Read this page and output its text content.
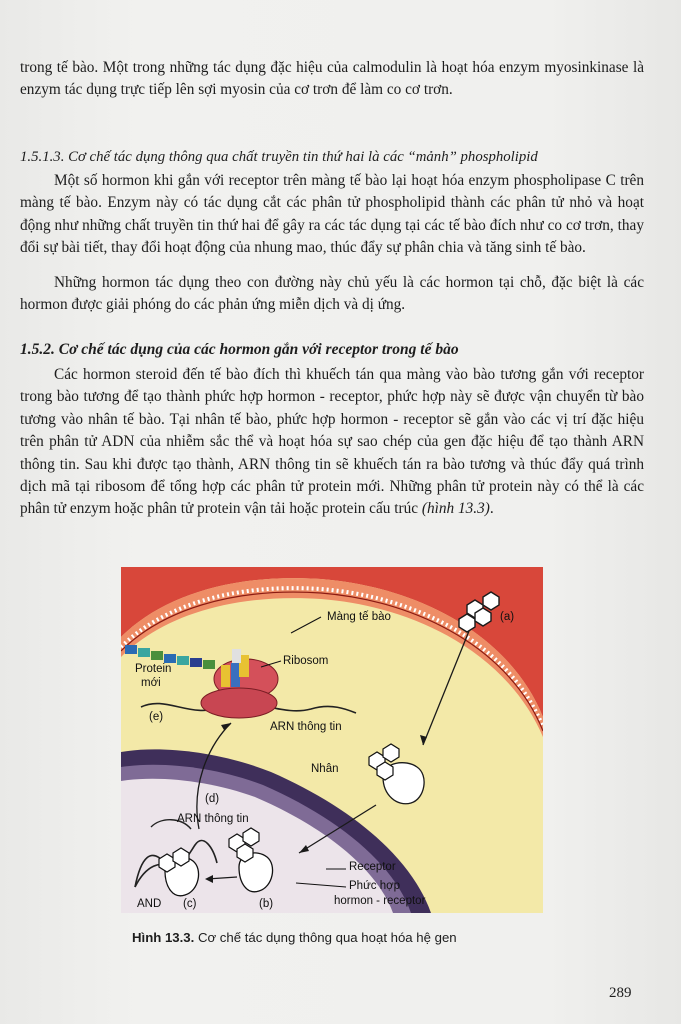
trong tế bào. Một trong những tác dụng đặc hiệu của calmodulin là hoạt hóa enzym myosinkinase là enzym tác dụng trực tiếp lên sợi myosin của cơ trơn để làm co cơ trơn.
1.5.1.3. Cơ chế tác dụng thông qua chất truyền tin thứ hai là các “mảnh” phospholipid
Một số hormon khi gắn với receptor trên màng tế bào lại hoạt hóa enzym phospholipase C trên màng tế bào. Enzym này có tác dụng cắt các phân tử phospholipid thành các phân tử nhỏ và hoạt động như những chất truyền tin thứ hai để gây ra các tác dụng tại các tế bào đích như co cơ trơn, thay đổi sự bài tiết, thay đổi hoạt động của nhung mao, thúc đẩy sự phân chia và tăng sinh tế bào.
Những hormon tác dụng theo con đường này chủ yếu là các hormon tại chỗ, đặc biệt là các hormon được giải phóng do các phản ứng miễn dịch và dị ứng.
1.5.2. Cơ chế tác dụng của các hormon gắn với receptor trong tế bào
Các hormon steroid đến tế bào đích thì khuếch tán qua màng vào bào tương gắn với receptor trong bào tương để tạo thành phức hợp hormon - receptor, phức hợp này sẽ được vận chuyển từ bào tương vào nhân tế bào. Tại nhân tế bào, phức hợp hormon - receptor sẽ gắn vào các vị trí đặc hiệu trên phân tử ADN của nhiễm sắc thể và hoạt hóa sự sao chép của gen đặc hiệu để tạo thành ARN thông tin. Sau khi được tạo thành, ARN thông tin sẽ khuếch tán ra bào tương và thúc đẩy quá trình dịch mã tại ribosom để tổng hợp các phân tử protein mới. Những phân tử protein này có thể là các phân tử enzym hoặc phân tử protein vận tải hoặc protein cấu trúc (hình 13.3).
Màng tế bào	(a)
Ribosom
Protein
mới
(e)
ARN thông tin
Nhân
(d)
ARN thông tin
Receptor
Phức hợp
hormon - receptor
AND (c)	(b)
Hình 13.3. Cơ chế tác dụng thông qua hoạt hóa hệ gen
289
